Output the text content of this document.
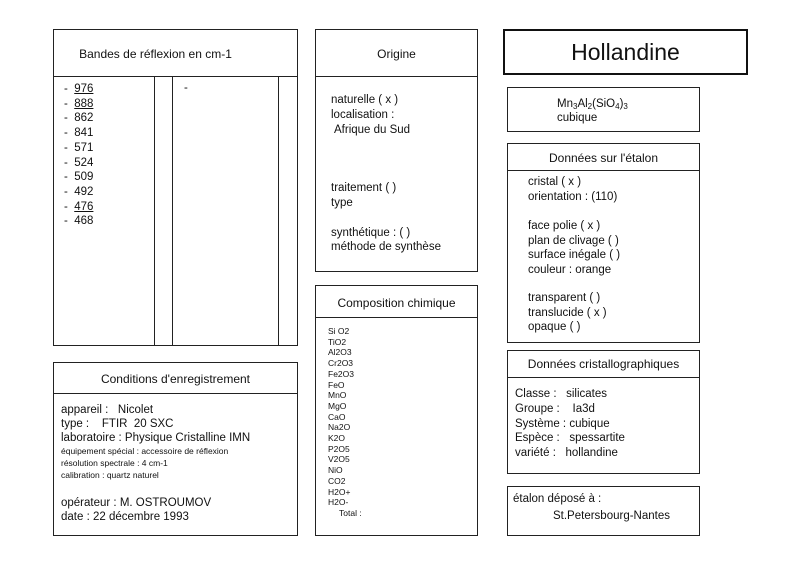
Hollandine
Bandes de réflexion en cm-1
-  976
-  888
-  862
-  841
-  571
-  524
-  509
-  492
-  476
-  468
-
Origine
naturelle ( x )
localisation :
Afrique du Sud
traitement ( )
type
synthétique : ( )
méthode de synthèse
$Mn_3Al_2(SiO_4)_3$
cubique
Données sur l'étalon
cristal ( x )
orientation : (110)
face polie ( x )
plan de clivage ( )
surface inégale ( )
couleur : orange
transparent ( )
translucide ( x )
opaque ( )
Composition chimique
Si O2
TiO2
Al2O3
Cr2O3
Fe2O3
FeO
MnO
MgO
CaO
Na2O
K2O
P2O5
V2O5
NiO
CO2
H2O+
H2O-
Total :
Conditions d'enregistrement
appareil :   Nicolet
type :    FTIR  20 SXC
laboratoire : Physique Cristalline IMN
équipement spécial : accessoire de réflexion
résolution spectrale : 4 cm-1
calibration : quartz naturel
opérateur : M. OSTROUMOV
date : 22 décembre 1993
Données cristallographiques
Classe :   silicates
Groupe :    Ia3d
Système : cubique
Espèce :   spessartite
variété :   hollandine
étalon déposé à :
St.Petersbourg-Nantes
